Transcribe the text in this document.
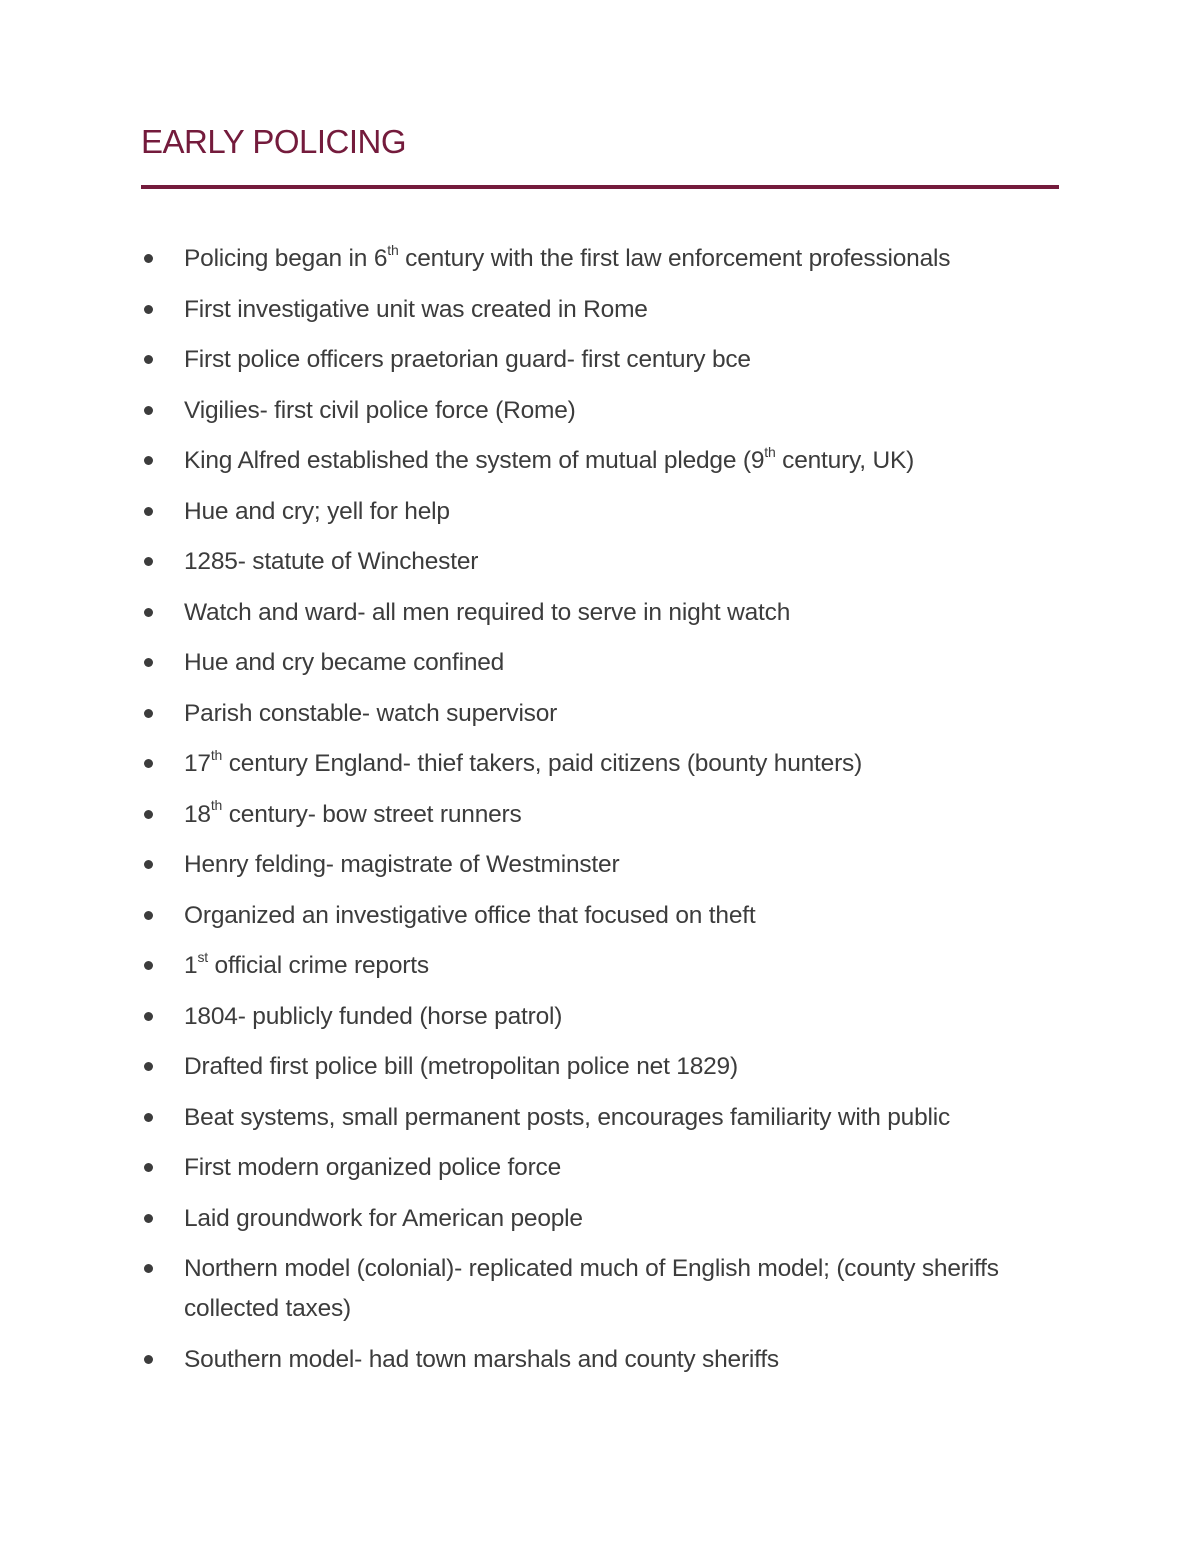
EARLY POLICING
Policing began in 6th century with the first law enforcement professionals
First investigative unit was created in Rome
First police officers praetorian guard- first century bce
Vigilies- first civil police force (Rome)
King Alfred established the system of mutual pledge (9th century, UK)
Hue and cry; yell for help
1285- statute of Winchester
Watch and ward- all men required to serve in night watch
Hue and cry became confined
Parish constable- watch supervisor
17th century England- thief takers, paid citizens (bounty hunters)
18th century- bow street runners
Henry felding- magistrate of Westminster
Organized an investigative office that focused on theft
1st official crime reports
1804- publicly funded (horse patrol)
Drafted first police bill (metropolitan police net 1829)
Beat systems, small permanent posts, encourages familiarity with public
First modern organized police force
Laid groundwork for American people
Northern model (colonial)- replicated much of English model; (county sheriffs collected taxes)
Southern model- had town marshals and county sheriffs
